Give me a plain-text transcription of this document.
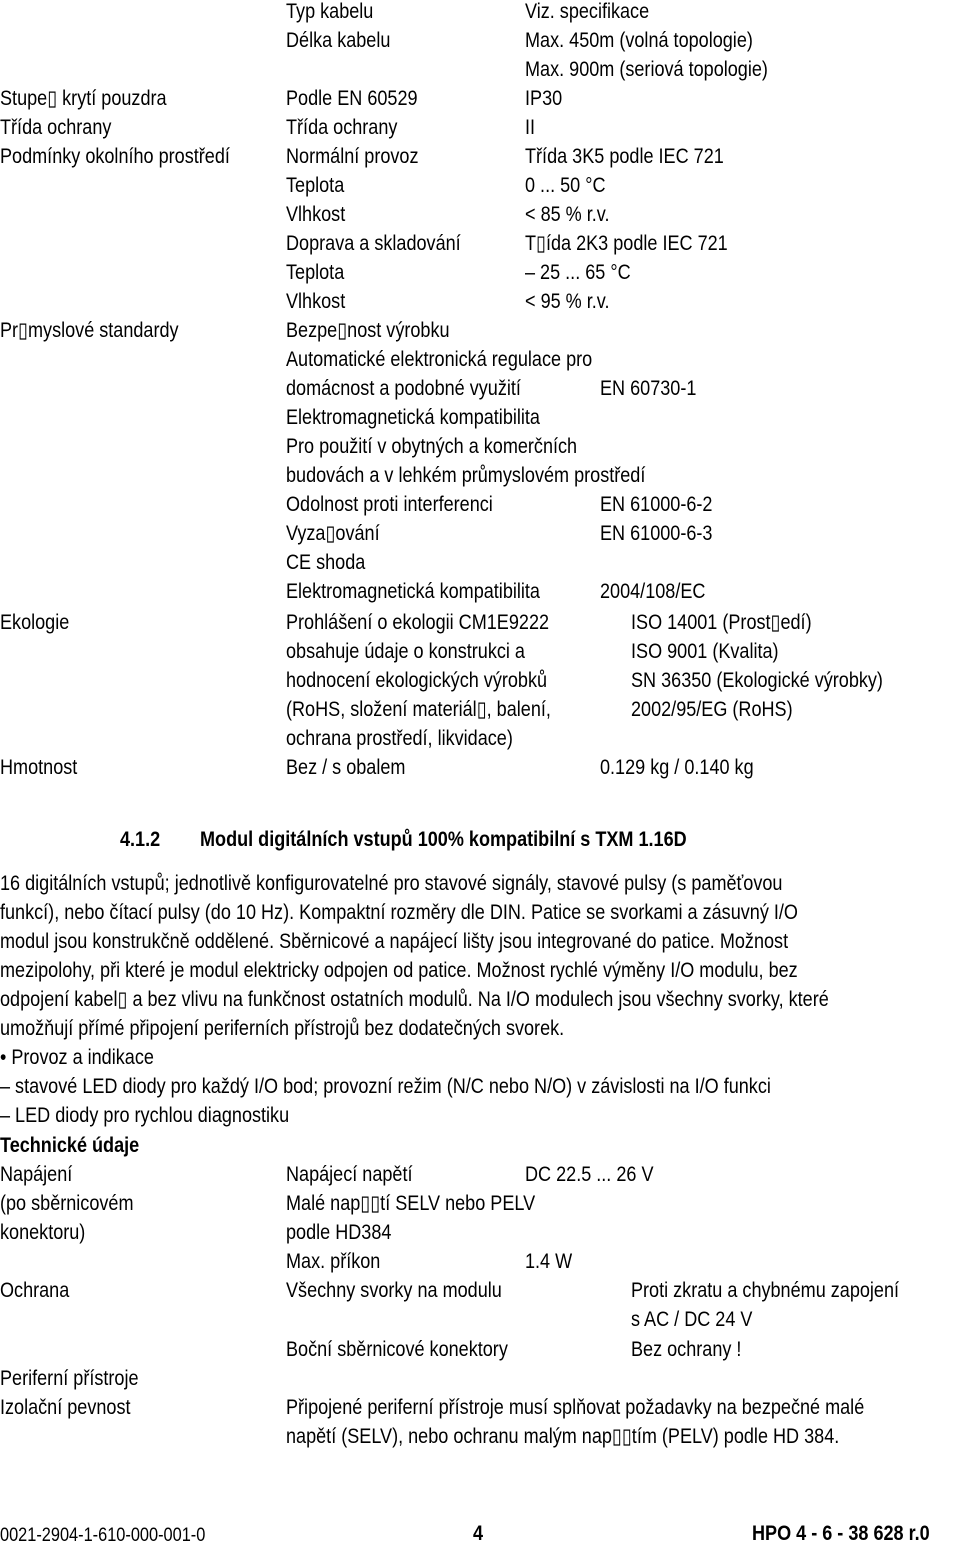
Typ kabelu	Viz. specifikace
Délka kabelu	Max. 450m (volná topologie)
Max. 900m (seriová topologie)
Stupe▯ krytí pouzdra	Podle EN 60529	IP30
Třída ochrany	Třída ochrany	II
Podmínky okolního prostředí	Normální provoz	Třída 3K5 podle IEC 721
Teplota	0 ... 50 °C
Vlhkost	< 85 % r.v.
Doprava a skladování	T▯ída 2K3 podle IEC 721
Teplota	– 25 ... 65 °C
Vlhkost	< 95 % r.v.
Pr▯myslové standardy	Bezpe▯nost výrobku
Automatické elektronická regulace pro
domácnost a podobné využití	EN 60730-1
Elektromagnetická kompatibilita
Pro použití v obytných a komerčních
budovách a v lehkém průmyslovém prostředí
Odolnost proti interferenci	EN 61000-6-2
Vyza▯ování	EN 61000-6-3
CE shoda
Elektromagnetická kompatibilita	2004/108/EC
Ekologie	Prohlášení o ekologii CM1E9222	ISO 14001 (Prost▯edí)
obsahuje údaje o konstrukci a	ISO 9001 (Kvalita)
hodnocení ekologických výrobků	SN 36350 (Ekologické výrobky)
(RoHS, složení materiál▯, balení,	2002/95/EG (RoHS)
ochrana prostředí, likvidace)
Hmotnost	Bez / s obalem	0.129 kg / 0.140 kg
4.1.2 Modul digitálních vstupů 100% kompatibilní s TXM 1.16D
16 digitálních vstupů; jednotlivě konfigurovatelné pro stavové signály, stavové pulsy (s paměťovou
funkcí), nebo čítací pulsy (do 10 Hz). Kompaktní rozměry dle DIN. Patice se svorkami a zásuvný I/O
modul jsou konstrukčně oddělené. Sběrnicové a napájecí lišty jsou integrované do patice. Možnost
mezipolohy, při které je modul elektricky odpojen od patice. Možnost rychlé výměny I/O modulu, bez
odpojení kabel▯ a bez vlivu na funkčnost ostatních modulů. Na I/O modulech jsou všechny svorky, které
umožňují přímé připojení periferních přístrojů bez dodatečných svorek.
• Provoz a indikace
– stavové LED diody pro každý I/O bod; provozní režim (N/C nebo N/O) v závislosti na I/O funkci
– LED diody pro rychlou diagnostiku
Technické údaje
Napájení
(po sběrnicovém
konektoru)
Napájecí napětí	DC 22.5 ... 26 V
Malé nap▯▯tí SELV nebo PELV
podle HD384
Max. příkon	1.4 W
Ochrana	Všechny svorky na modulu	Proti zkratu a chybnému zapojení
s AC / DC 24 V
Boční sběrnicové konektory	Bez ochrany !
Periferní přístroje
Izolační pevnost	Připojené periferní přístroje musí splňovat požadavky na bezpečné malé
napětí (SELV), nebo ochranu malým nap▯▯tím (PELV) podle HD 384.
0021-2904-1-610-000-001-0	4	HPO 4 - 6 - 38 628 r.0
